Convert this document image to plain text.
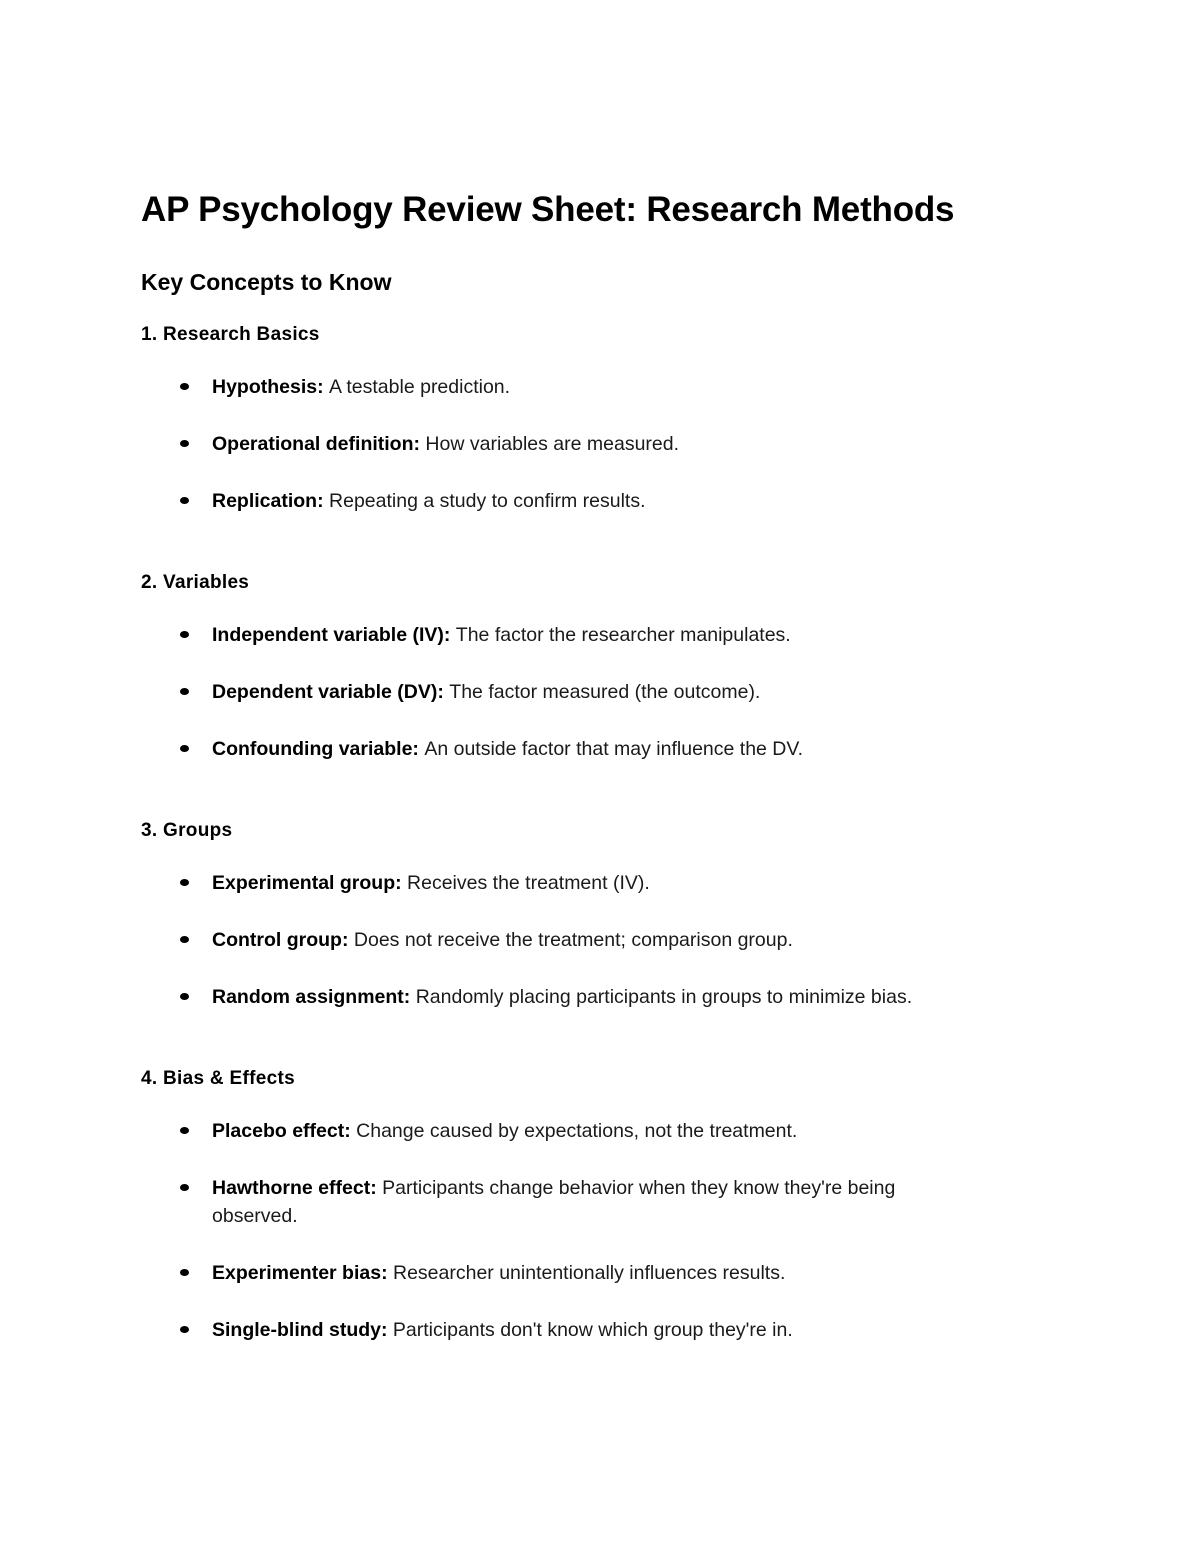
AP Psychology Review Sheet: Research Methods
Key Concepts to Know
1. Research Basics
Hypothesis: A testable prediction.
Operational definition: How variables are measured.
Replication: Repeating a study to confirm results.
2. Variables
Independent variable (IV): The factor the researcher manipulates.
Dependent variable (DV): The factor measured (the outcome).
Confounding variable: An outside factor that may influence the DV.
3. Groups
Experimental group: Receives the treatment (IV).
Control group: Does not receive the treatment; comparison group.
Random assignment: Randomly placing participants in groups to minimize bias.
4. Bias & Effects
Placebo effect: Change caused by expectations, not the treatment.
Hawthorne effect: Participants change behavior when they know they're being observed.
Experimenter bias: Researcher unintentionally influences results.
Single-blind study: Participants don't know which group they're in.
